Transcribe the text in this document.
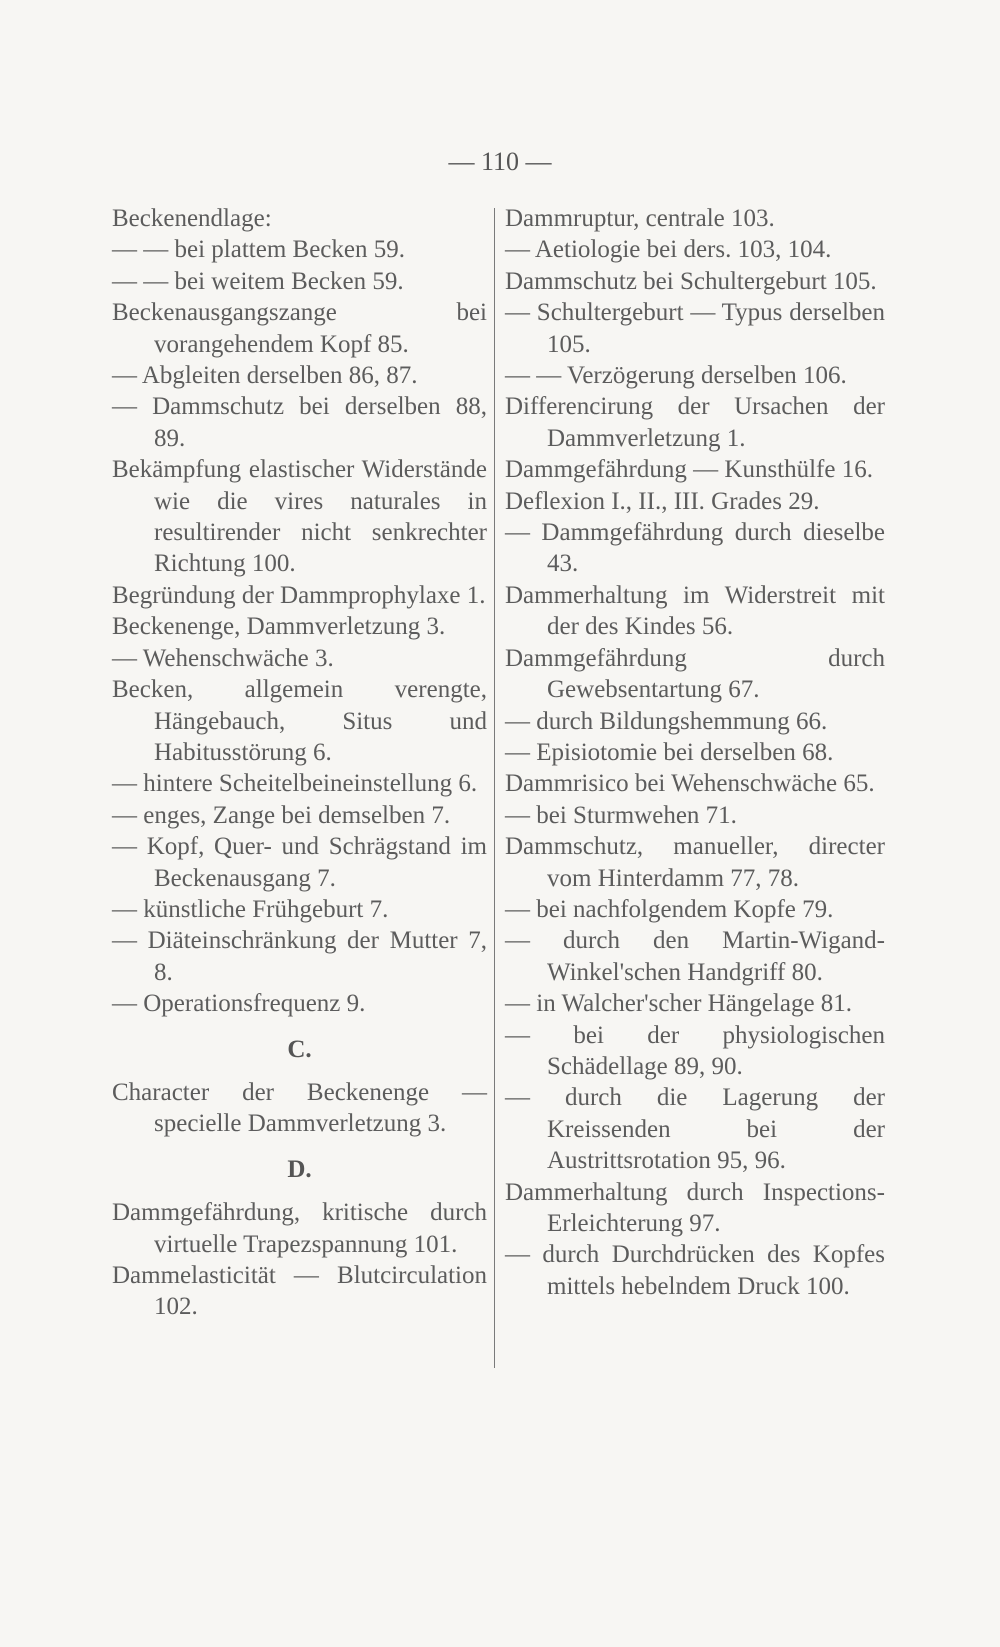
— 110 —

Beckenendlage:

— — bei plattem Becken 59.

— — bei weitem Becken 59.

Beckenausgangszange bei vorangehendem Kopf 85.

— Abgleiten derselben 86, 87.

— Dammschutz bei derselben 88, 89.

Bekämpfung elastischer Widerstände wie die vires naturales in resultirender nicht senkrechter Richtung 100.

Begründung der Dammprophylaxe 1.

Beckenenge, Dammverletzung 3.

— Wehenschwäche 3.

Becken, allgemein verengte, Hängebauch, Situs und Habitusstörung 6.

— hintere Scheitelbeineinstellung 6.

— enges, Zange bei demselben 7.

— Kopf, Quer- und Schrägstand im Beckenausgang 7.

— künstliche Frühgeburt 7.

— Diäteinschränkung der Mutter 7, 8.

— Operationsfrequenz 9.

C.

Character der Beckenenge — specielle Dammverletzung 3.

D.

Dammgefährdung, kritische durch virtuelle Trapezspannung 101.

Dammelasticität — Blutcirculation 102.

Dammruptur, centrale 103.

— Aetiologie bei ders. 103, 104.

Dammschutz bei Schultergeburt 105.

— Schultergeburt — Typus derselben 105.

— — Verzögerung derselben 106.

Differencirung der Ursachen der Dammverletzung 1.

Dammgefährdung — Kunsthülfe 16.

Deflexion I., II., III. Grades 29.

— Dammgefährdung durch dieselbe 43.

Dammerhaltung im Widerstreit mit der des Kindes 56.

Dammgefährdung durch Gewebsentartung 67.

— durch Bildungshemmung 66.

— Episiotomie bei derselben 68.

Dammrisico bei Wehenschwäche 65.

— bei Sturmwehen 71.

Dammschutz, manueller, directer vom Hinterdamm 77, 78.

— bei nachfolgendem Kopfe 79.

— durch den Martin-Wigand-Winkel'schen Handgriff 80.

— in Walcher'scher Hängelage 81.

— bei der physiologischen Schädellage 89, 90.

— durch die Lagerung der Kreissenden bei der Austrittsrotation 95, 96.

Dammerhaltung durch Inspections-Erleichterung 97.

— durch Durchdrücken des Kopfes mittels hebelndem Druck 100.
